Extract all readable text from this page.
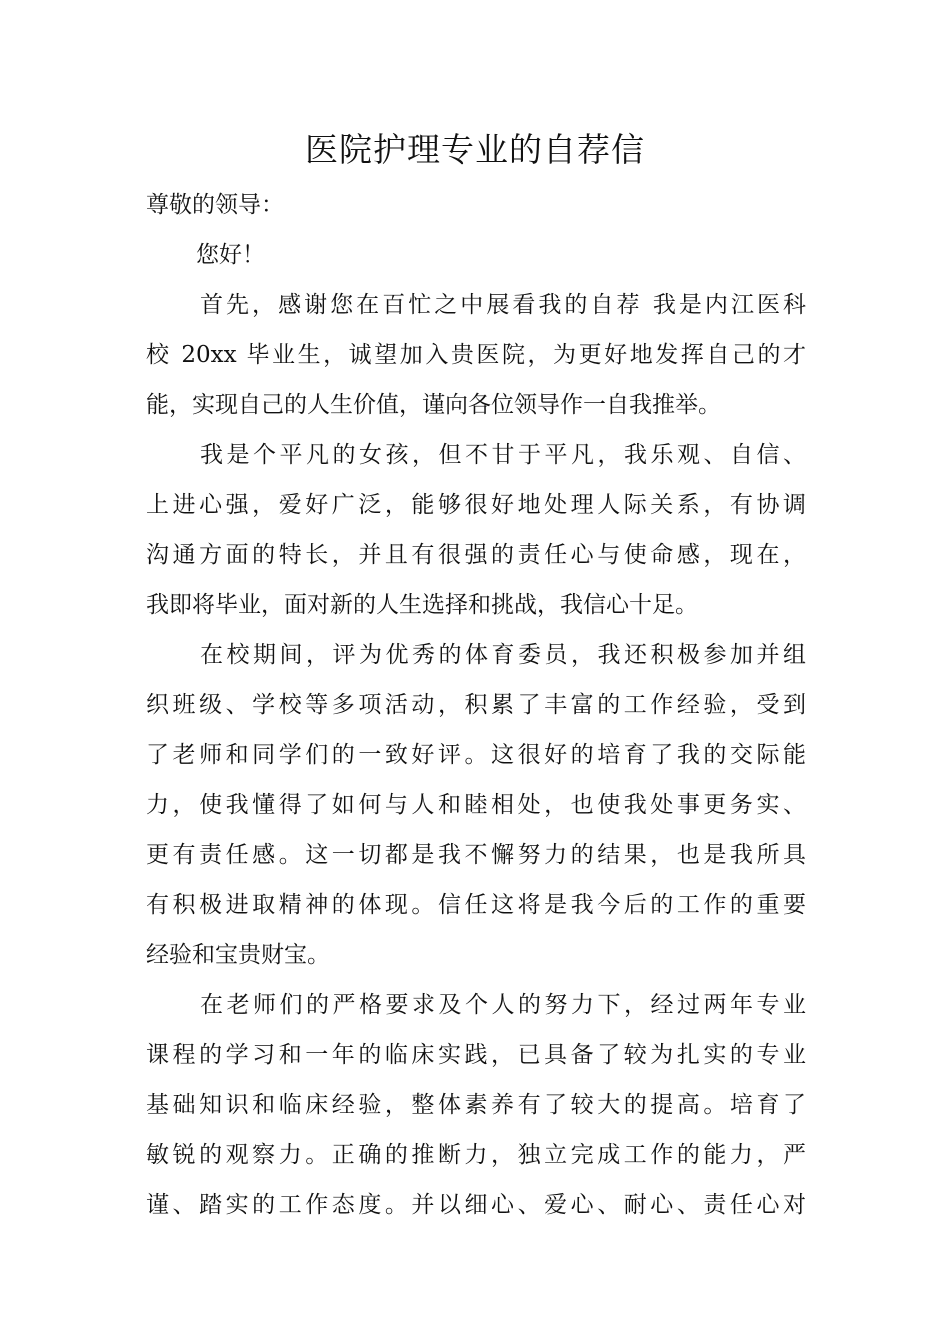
医院护理专业的自荐信
尊敬的领导：
您好！
首先，感谢您在百忙之中展看我的自荐 我是内江医科
校 20xx 毕业生，诚望加入贵医院，为更好地发挥自己的才
能，实现自己的人生价值，谨向各位领导作一自我推举。
我是个平凡的女孩，但不甘于平凡，我乐观、自信、
上进心强，爱好广泛，能够很好地处理人际关系，有协调
沟通方面的特长，并且有很强的责任心与使命感，现在，
我即将毕业，面对新的人生选择和挑战，我信心十足。
在校期间，评为优秀的体育委员，我还积极参加并组
织班级、学校等多项活动，积累了丰富的工作经验，受到
了老师和同学们的一致好评。这很好的培育了我的交际能
力，使我懂得了如何与人和睦相处，也使我处事更务实、
更有责任感。这一切都是我不懈努力的结果，也是我所具
有积极进取精神的体现。信任这将是我今后的工作的重要
经验和宝贵财宝。
在老师们的严格要求及个人的努力下，经过两年专业
课程的学习和一年的临床实践，已具备了较为扎实的专业
基础知识和临床经验，整体素养有了较大的提高。培育了
敏锐的观察力。正确的推断力，独立完成工作的能力，严
谨、踏实的工作态度。并以细心、爱心、耐心、责任心对
